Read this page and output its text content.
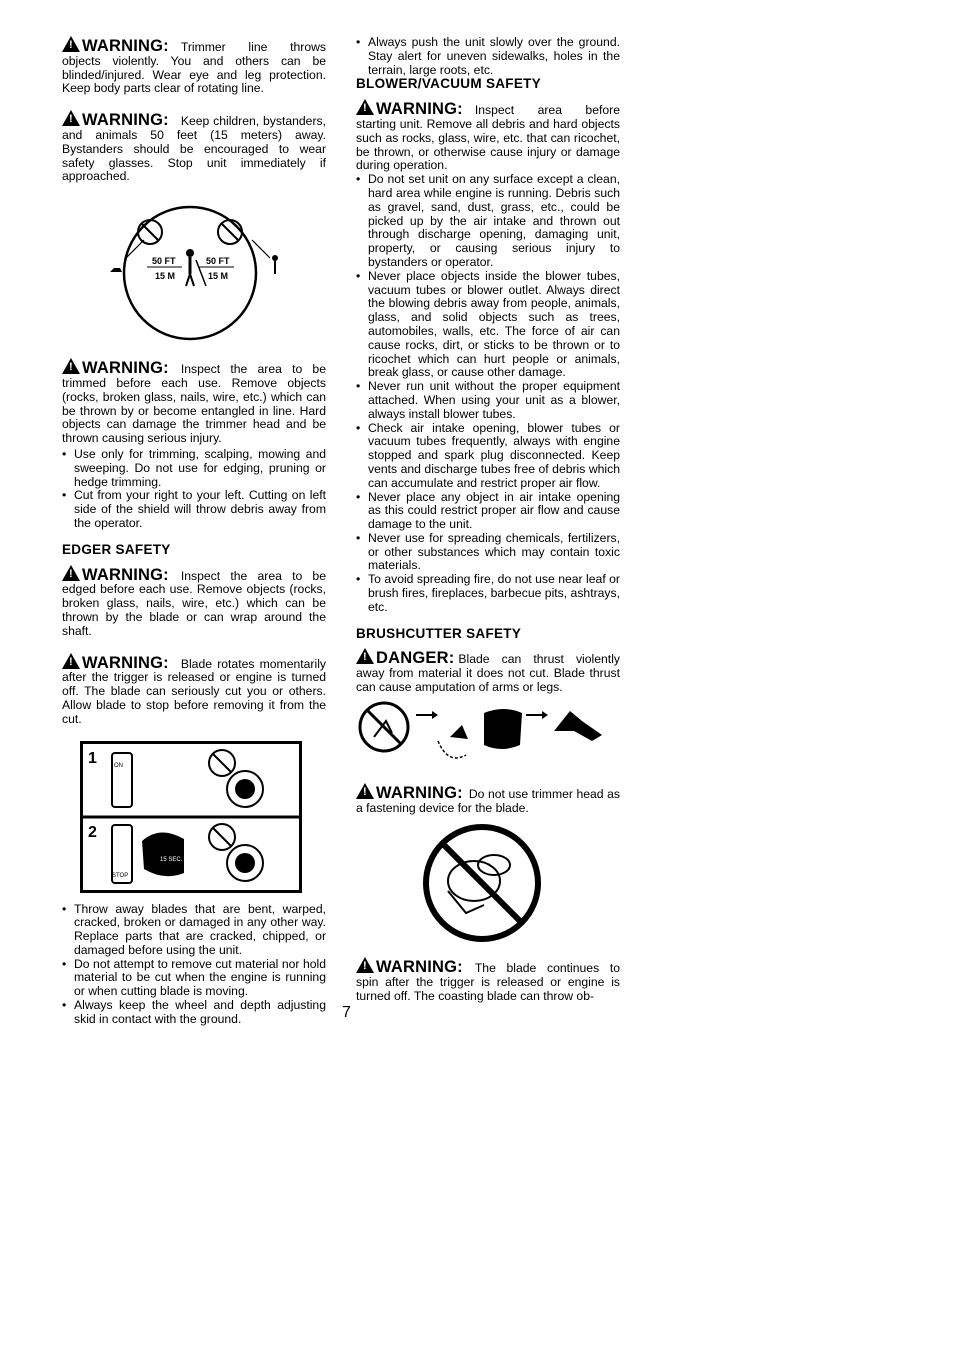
!WARNING: Trimmer line throws objects violently. You and others can be blinded/injured. Wear eye and leg protection. Keep body parts clear of rotating line.

!WARNING: Keep children, bystanders, and animals 50 feet (15 meters) away. Bystanders should be encouraged to wear safety glasses. Stop unit immediately if approached.

50 FT
15 M
50 FT
15 M

!WARNING: Inspect the area to be trimmed before each use. Remove objects (rocks, broken glass, nails, wire, etc.) which can be thrown by or become entangled in line. Hard objects can damage the trimmer head and be thrown causing serious injury.

• Use only for trimming, scalping, mowing and sweeping. Do not use for edging, pruning or hedge trimming.
• Cut from your right to your left. Cutting on left side of the shield will throw debris away from the operator.
EDGER SAFETY

!WARNING: Inspect the area to be edged before each use. Remove objects (rocks, broken glass, nails, wire, etc.) which can be thrown by the blade or can wrap around the shaft.

!WARNING: Blade rotates momentarily after the trigger is released or engine is turned off. The blade can seriously cut you or others. Allow blade to stop before removing it from the cut.

1
2
ON
STOP
15 SEC.
• Throw away blades that are bent, warped, cracked, broken or damaged in any other way. Replace parts that are cracked, chipped, or damaged before using the unit.
• Do not attempt to remove cut material nor hold material to be cut when the engine is running or when cutting blade is moving.
• Always keep the wheel and depth adjusting skid in contact with the ground.
• Always push the unit slowly over the ground. Stay alert for uneven sidewalks, holes in the terrain, large roots, etc.
BLOWER/VACUUM SAFETY

!WARNING: Inspect area before starting unit. Remove all debris and hard objects such as rocks, glass, wire, etc. that can ricochet, be thrown, or otherwise cause injury or damage during operation.

• Do not set unit on any surface except a clean, hard area while engine is running. Debris such as gravel, sand, dust, grass, etc., could be picked up by the air intake and thrown out through discharge opening, damaging unit, property, or causing serious injury to bystanders or operator.
• Never place objects inside the blower tubes, vacuum tubes or blower outlet. Always direct the blowing debris away from people, animals, glass, and solid objects such as trees, automobiles, walls, etc. The force of air can cause rocks, dirt, or sticks to be thrown or to ricochet which can hurt people or animals, break glass, or cause other damage.
• Never run unit without the proper equipment attached. When using your unit as a blower, always install blower tubes.
• Check air intake opening, blower tubes or vacuum tubes frequently, always with engine stopped and spark plug disconnected. Keep vents and discharge tubes free of debris which can accumulate and restrict proper air flow.
• Never place any object in air intake opening as this could restrict proper air flow and cause damage to the unit.
• Never use for spreading chemicals, fertilizers, or other substances which may contain toxic materials.
• To avoid spreading fire, do not use near leaf or brush fires, fireplaces, barbecue pits, ashtrays, etc.
BRUSHCUTTER SAFETY

!DANGER: Blade can thrust violently away from material it does not cut. Blade thrust can cause amputation of arms or legs.

!WARNING: Do not use trimmer head as a fastening device for the blade.

!WARNING: The blade continues to spin after the trigger is released or engine is turned off. The coasting blade can throw ob-

7
